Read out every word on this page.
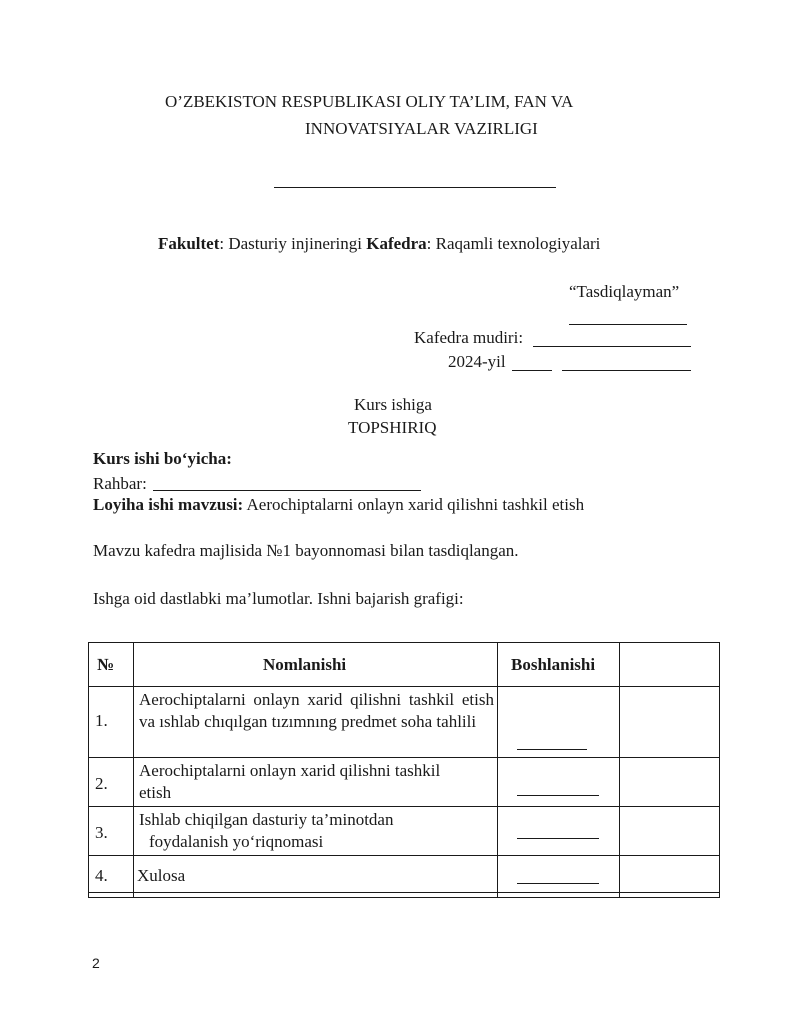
O’ZBEKISTON RESPUBLIKASI OLIY TA’LIM, FAN VA
INNOVATSIYALAR VAZIRLIGI
Fakultet: Dasturiy injineringi Kafedra: Raqamli texnologiyalari
“Tasdiqlayman”
Kafedra mudiri:
2024-yil
Kurs ishiga
TOPSHIRIQ
Kurs ishi bo‘yicha:
Rahbar:
Loyiha ishi mavzusi: Aerochiptalarni onlayn xarid qilishni tashkil etish
Mavzu kafedra majlisida №1 bayonnomasi bilan tasdiqlangan.
Ishga oid dastlabki ma’lumotlar. Ishni bajarish grafigi:
№	Nomlanishi	Boshlanishi
1.
Aerochiptalarni onlayn xarid qilishni tashkil etish va ıshlab chıqılgan tızımnıng predmet soha tahlili
2.
Aerochiptalarni onlayn xarid qilishni tashkil etish
3.
Ishlab chiqilgan dasturiy ta’minotdan
foydalanish yo‘riqnomasi
4. Xulosa
2
